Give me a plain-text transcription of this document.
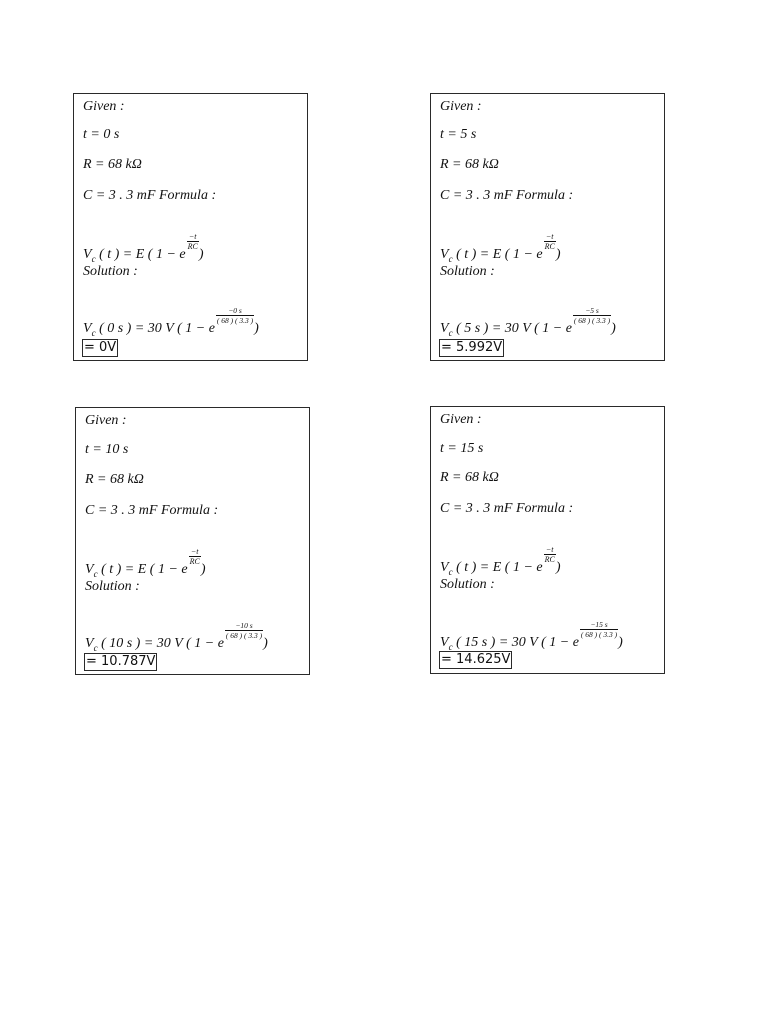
Given :
t = 0 s
R = 68 kΩ
C = 3 . 3 mF Formula :
$V_c$ ( t ) = E ( 1 − e
$\frac{-t}{RC}$
)
Solution :
$V_c$ ( 0 s ) = 30 V ( 1 − e
$\frac{-0 s}{( 68 ) ( 3.3 )}$
)
= 0V
Given :
t = 5 s
R = 68 kΩ
C = 3 . 3 mF Formula :
$V_c$ ( t ) = E ( 1 − e
$\frac{-t}{RC}$
)
Solution :
$V_c$ ( 5 s ) = 30 V ( 1 − e
$\frac{-5 s}{( 68 ) ( 3.3 )}$
)
= 5.992V
Given :
t = 10 s
R = 68 kΩ
C = 3 . 3 mF Formula :
$V_c$ ( t ) = E ( 1 − e
$\frac{-t}{RC}$
)
Solution :
$V_c$ ( 10 s ) = 30 V ( 1 − e
$\frac{-10 s}{( 68 ) ( 3.3 )}$
)
= 10.787V
Given :
t = 15 s
R = 68 kΩ
C = 3 . 3 mF Formula :
$V_c$ ( t ) = E ( 1 − e
$\frac{-t}{RC}$
)
Solution :
$V_c$ ( 15 s ) = 30 V ( 1 − e
$\frac{-15 s}{( 68 ) ( 3.3 )}$
)
= 14.625V
